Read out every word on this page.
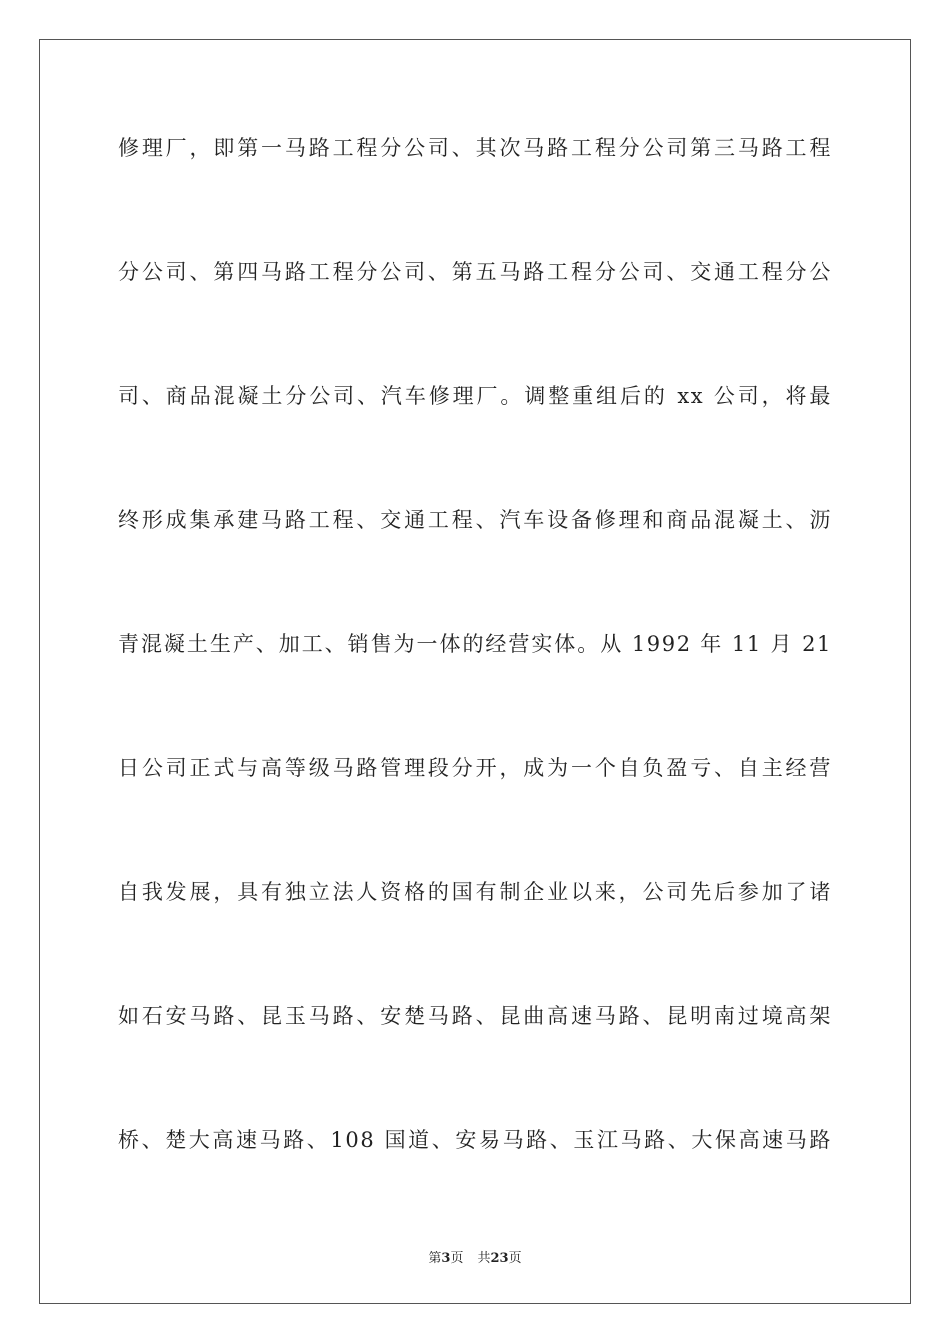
修理厂，即第一马路工程分公司、其次马路工程分公司第三马路工程
分公司、第四马路工程分公司、第五马路工程分公司、交通工程分公
司、商品混凝土分公司、汽车修理厂。调整重组后的 xx 公司，将最
终形成集承建马路工程、交通工程、汽车设备修理和商品混凝土、沥
青混凝土生产、加工、销售为一体的经营实体。从 1992 年 11 月 21
日公司正式与高等级马路管理段分开，成为一个自负盈亏、自主经营
自我发展，具有独立法人资格的国有制企业以来，公司先后参加了诸
如石安马路、昆玉马路、安楚马路、昆曲高速马路、昆明南过境高架
桥、楚大高速马路、108 国道、安易马路、玉江马路、大保高速马路
第3页 共23页
